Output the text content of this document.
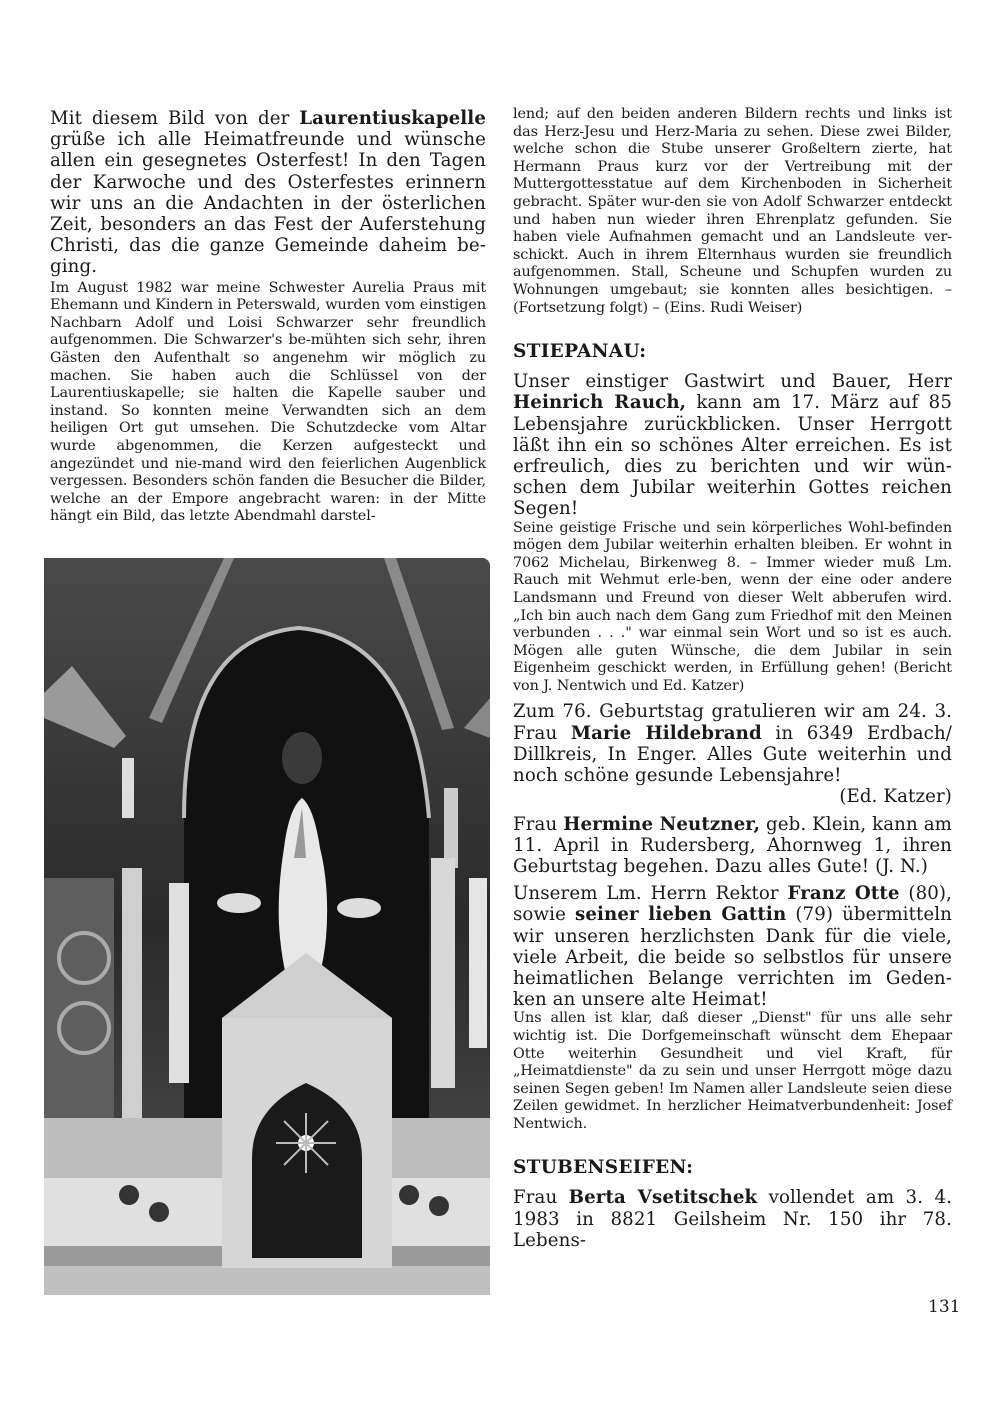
Mit diesem Bild von der Laurentiuskapelle grüße ich alle Heimatfreunde und wünsche allen ein gesegnetes Osterfest! In den Tagen der Karwoche und des Osterfestes erinnern wir uns an die Andachten in der österlichen Zeit, besonders an das Fest der Auferstehung Christi, das die ganze Gemeinde daheim be-ging.

Im August 1982 war meine Schwester Aurelia Praus mit Ehemann und Kindern in Peterswald, wurden vom einstigen Nachbarn Adolf und Loisi Schwarzer sehr freundlich aufgenommen. Die Schwarzer's be-mühten sich sehr, ihren Gästen den Aufenthalt so angenehm wir möglich zu machen. Sie haben auch die Schlüssel von der Laurentiuskapelle; sie halten die Kapelle sauber und instand. So konnten meine Verwandten sich an dem heiligen Ort gut umsehen. Die Schutzdecke vom Altar wurde abgenommen, die Kerzen aufgesteckt und angezündet und nie-mand wird den feierlichen Augenblick vergessen. Besonders schön fanden die Besucher die Bilder, welche an der Empore angebracht waren: in der Mitte hängt ein Bild, das letzte Abendmahl darstel-

lend; auf den beiden anderen Bildern rechts und links ist das Herz-Jesu und Herz-Maria zu sehen. Diese zwei Bilder, welche schon die Stube unserer Großeltern zierte, hat Hermann Praus kurz vor der Vertreibung mit der Muttergottesstatue auf dem Kirchenboden in Sicherheit gebracht. Später wur-den sie von Adolf Schwarzer entdeckt und haben nun wieder ihren Ehrenplatz gefunden. Sie haben viele Aufnahmen gemacht und an Landsleute ver-schickt. Auch in ihrem Elternhaus wurden sie freundlich aufgenommen. Stall, Scheune und Schupfen wurden zu Wohnungen umgebaut; sie konnten alles besichtigen. – (Fortsetzung folgt) – (Eins. Rudi Weiser)

STIEPANAU:

Unser einstiger Gastwirt und Bauer, Herr Heinrich Rauch, kann am 17. März auf 85 Lebensjahre zurückblicken. Unser Herrgott läßt ihn ein so schönes Alter erreichen. Es ist erfreulich, dies zu berichten und wir wün-schen dem Jubilar weiterhin Gottes reichen Segen!

Seine geistige Frische und sein körperliches Wohl-befinden mögen dem Jubilar weiterhin erhalten bleiben. Er wohnt in 7062 Michelau, Birkenweg 8. – Immer wieder muß Lm. Rauch mit Wehmut erle-ben, wenn der eine oder andere Landsmann und Freund von dieser Welt abberufen wird. „Ich bin auch nach dem Gang zum Friedhof mit den Meinen verbunden . . ." war einmal sein Wort und so ist es auch. Mögen alle guten Wünsche, die dem Jubilar in sein Eigenheim geschickt werden, in Erfüllung gehen! (Bericht von J. Nentwich und Ed. Katzer)

Zum 76. Geburtstag gratulieren wir am 24. 3. Frau Marie Hildebrand in 6349 Erdbach/ Dillkreis, In Enger. Alles Gute weiterhin und noch schöne gesunde Lebensjahre!

(Ed. Katzer)

Frau Hermine Neutzner, geb. Klein, kann am 11. April in Rudersberg, Ahornweg 1, ihren Geburtstag begehen. Dazu alles Gute! (J. N.)

Unserem Lm. Herrn Rektor Franz Otte (80), sowie seiner lieben Gattin (79) übermitteln wir unseren herzlichsten Dank für die viele, viele Arbeit, die beide so selbstlos für unsere heimatlichen Belange verrichten im Geden-ken an unsere alte Heimat!

Uns allen ist klar, daß dieser „Dienst" für uns alle sehr wichtig ist. Die Dorfgemeinschaft wünscht dem Ehepaar Otte weiterhin Gesundheit und viel Kraft, für „Heimatdienste" da zu sein und unser Herrgott möge dazu seinen Segen geben! Im Namen aller Landsleute seien diese Zeilen gewidmet. In herzlicher Heimatverbundenheit: Josef Nentwich.

STUBENSEIFEN:

Frau Berta Vsetitschek vollendet am 3. 4. 1983 in 8821 Geilsheim Nr. 150 ihr 78. Lebens-

131
